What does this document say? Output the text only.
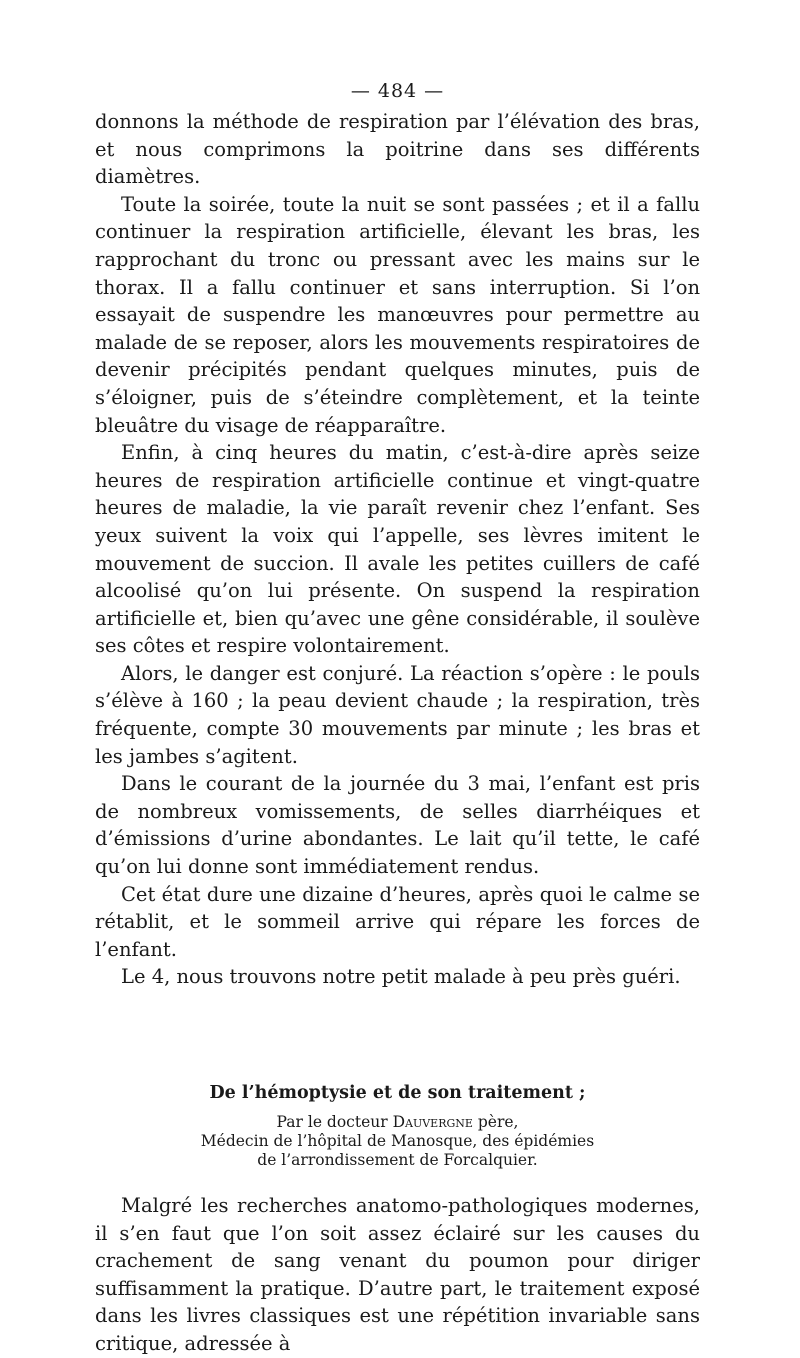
— 484 —

donnons la méthode de respiration par l’élévation des bras, et nous comprimons la poitrine dans ses différents diamètres.

Toute la soirée, toute la nuit se sont passées ; et il a fallu continuer la respiration artificielle, élevant les bras, les rapprochant du tronc ou pressant avec les mains sur le thorax. Il a fallu continuer et sans interruption. Si l’on essayait de suspendre les manœuvres pour permettre au malade de se reposer, alors les mouvements respiratoires de devenir précipités pendant quelques minutes, puis de s’éloigner, puis de s’éteindre complètement, et la teinte bleuâtre du visage de réapparaître.

Enfin, à cinq heures du matin, c’est-à-dire après seize heures de respiration artificielle continue et vingt-quatre heures de maladie, la vie paraît revenir chez l’enfant. Ses yeux suivent la voix qui l’appelle, ses lèvres imitent le mouvement de succion. Il avale les petites cuillers de café alcoolisé qu’on lui présente. On suspend la respiration artificielle et, bien qu’avec une gêne considérable, il soulève ses côtes et respire volontairement.

Alors, le danger est conjuré. La réaction s’opère : le pouls s’élève à 160 ; la peau devient chaude ; la respiration, très fréquente, compte 30 mouvements par minute ; les bras et les jambes s’agitent.

Dans le courant de la journée du 3 mai, l’enfant est pris de nombreux vomissements, de selles diarrhéiques et d’émissions d’urine abondantes. Le lait qu’il tette, le café qu’on lui donne sont immédiatement rendus.

Cet état dure une dizaine d’heures, après quoi le calme se rétablit, et le sommeil arrive qui répare les forces de l’enfant.

Le 4, nous trouvons notre petit malade à peu près guéri.

De l’hémoptysie et de son traitement ;

Par le docteur Dauvergne père,

Médecin de l’hôpital de Manosque, des épidémies

de l’arrondissement de Forcalquier.

Malgré les recherches anatomo-pathologiques modernes, il s’en faut que l’on soit assez éclairé sur les causes du crachement de sang venant du poumon pour diriger suffisamment la pratique. D’autre part, le traitement exposé dans les livres classiques est une répétition invariable sans critique, adressée à
